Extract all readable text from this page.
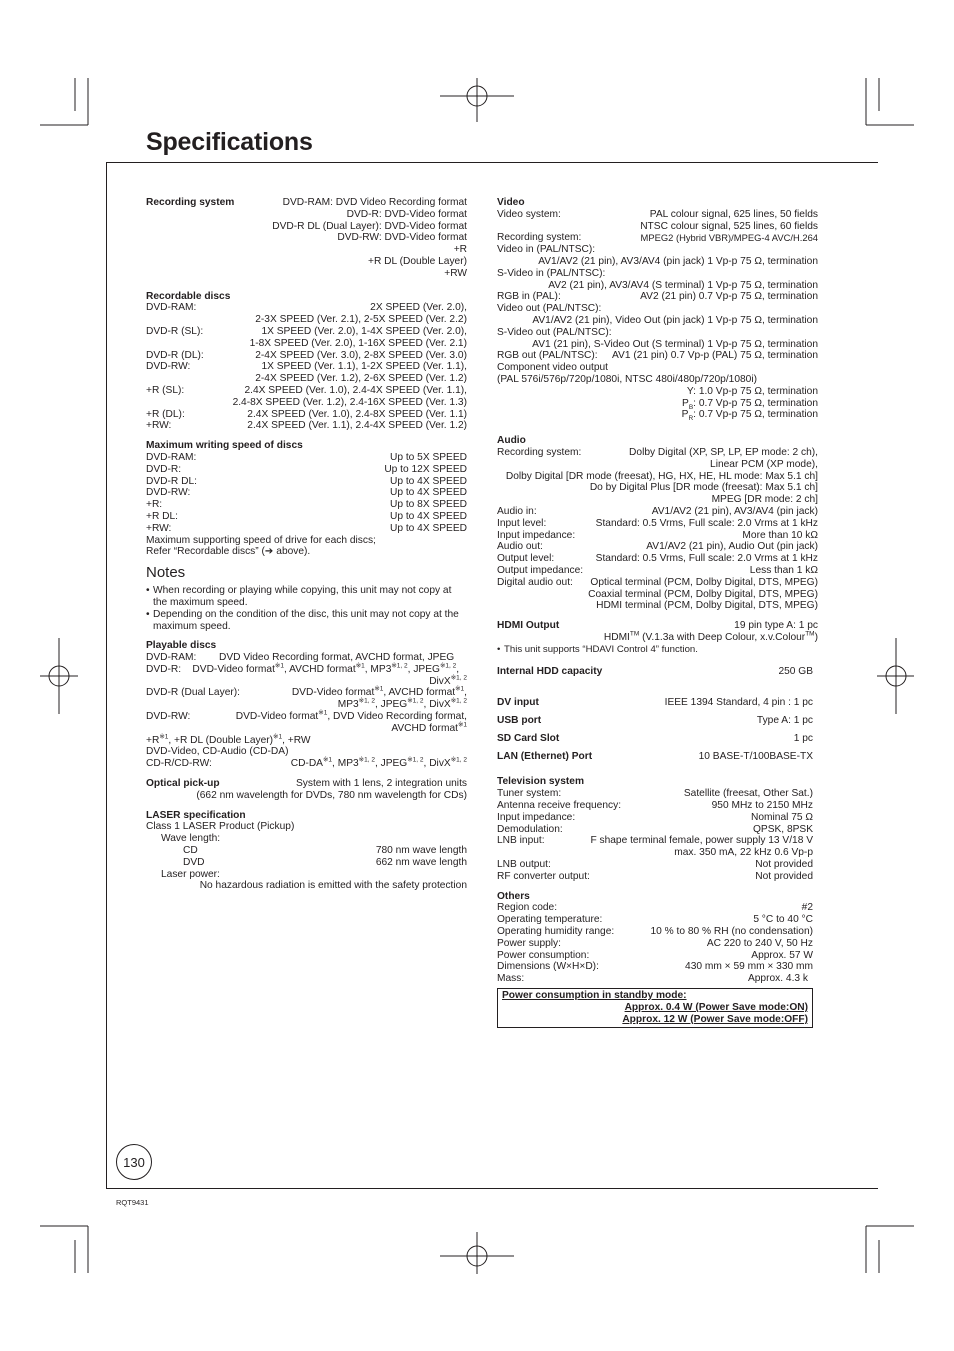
Specifications
Recording system	DVD-RAM: DVD Video Recording format
DVD-R: DVD-Video format
DVD-R DL (Dual Layer): DVD-Video format
DVD-RW: DVD-Video format
+R
+R DL (Double Layer)
+RW
Recordable discs
DVD-RAM:	2X SPEED (Ver. 2.0),
2-3X SPEED (Ver. 2.1), 2-5X SPEED (Ver. 2.2)
DVD-R (SL):	1X SPEED (Ver. 2.0), 1-4X SPEED (Ver. 2.0),
1-8X SPEED (Ver. 2.0), 1-16X SPEED (Ver. 2.1)
DVD-R (DL):	2-4X SPEED (Ver. 3.0), 2-8X SPEED (Ver. 3.0)
DVD-RW:	1X SPEED (Ver. 1.1), 1-2X SPEED (Ver. 1.1),
2-4X SPEED (Ver. 1.2), 2-6X SPEED (Ver. 1.2)
+R (SL):	2.4X SPEED (Ver. 1.0), 2.4-4X SPEED (Ver. 1.1),
2.4-8X SPEED (Ver. 1.2), 2.4-16X SPEED (Ver. 1.3)
+R (DL):	2.4X SPEED (Ver. 1.0), 2.4-8X SPEED (Ver. 1.1)
+RW:	2.4X SPEED (Ver. 1.1), 2.4-4X SPEED (Ver. 1.2)
Maximum writing speed of discs
DVD-RAM:	Up to 5X SPEED
DVD-R:	Up to 12X SPEED
DVD-R DL:	Up to 4X SPEED
DVD-RW:	Up to 4X SPEED
+R:	Up to 8X SPEED
+R DL:	Up to 4X SPEED
+RW:	Up to 4X SPEED
Maximum supporting speed of drive for each discs;
Refer “Recordable discs” (➔ above).
Notes
• When recording or playing while copying, this unit may not copy at the maximum speed.
• Depending on the condition of the disc, this unit may not copy at the maximum speed.
Playable discs
DVD-RAM: DVD Video Recording format, AVCHD format, JPEG
DVD-R: DVD-Video format$^{※1}$, AVCHD format$^{※1}$, MP3$^{※1, 2}$, JPEG$^{※1, 2}$,
DivX$^{※1, 2}$
DVD-R (Dual Layer):	DVD-Video format$^{※1}$, AVCHD format$^{※1}$,
MP3$^{※1, 2}$, JPEG$^{※1, 2}$, DivX$^{※1, 2}$
DVD-RW:	DVD-Video format$^{※1}$, DVD Video Recording format,
AVCHD format$^{※1}$
$+R^{※1}$, +R DL (Double Layer)$^{※1}$, +RW
DVD-Video, CD-Audio (CD-DA)
CD-R/CD-RW:	CD-DA$^{※1}$, MP3$^{※1, 2}$, JPEG$^{※1, 2}$, DivX$^{※1, 2}$
Optical pick-up	System with 1 lens, 2 integration units
(662 nm wavelength for DVDs, 780 nm wavelength for CDs)
LASER specification
Class 1 LASER Product (Pickup)
Wave length:
CD	780 nm wave length
DVD	662 nm wave length
Laser power:
No hazardous radiation is emitted with the safety protection
Video
Video system:	PAL colour signal, 625 lines, 50 fields
NTSC colour signal, 525 lines, 60 fields
Recording system:	MPEG2 (Hybrid VBR)/MPEG-4 AVC/H.264
Video in (PAL/NTSC):
AV1/AV2 (21 pin), AV3/AV4 (pin jack) 1 Vp-p 75 Ω, termination
S-Video in (PAL/NTSC):
AV2 (21 pin), AV3/AV4 (S terminal) 1 Vp-p 75 Ω, termination
RGB in (PAL):	AV2 (21 pin) 0.7 Vp-p 75 Ω, termination
Video out (PAL/NTSC):
AV1/AV2 (21 pin), Video Out (pin jack) 1 Vp-p 75 Ω, termination
S-Video out (PAL/NTSC):
AV1 (21 pin), S-Video Out (S terminal) 1 Vp-p 75 Ω, termination
RGB out (PAL/NTSC):	AV1 (21 pin) 0.7 Vp-p (PAL) 75 Ω, termination
Component video output
(PAL 576i/576p/720p/1080i, NTSC 480i/480p/720p/1080i)
Y: 1.0 Vp-p 75 Ω, termination
$P_B$: 0.7 Vp-p 75 Ω, termination
$P_R$: 0.7 Vp-p 75 Ω, termination
Audio
Recording system:	Dolby Digital (XP, SP, LP, EP mode: 2 ch),
Linear PCM (XP mode),
Dolby Digital [DR mode (freesat), HG, HX, HE, HL mode: Max 5.1 ch]
Do by Digital Plus [DR mode (freesat): Max 5.1 ch]
MPEG [DR mode: 2 ch]
Audio in:	AV1/AV2 (21 pin), AV3/AV4 (pin jack)
Input level:	Standard: 0.5 Vrms, Full scale: 2.0 Vrms at 1 kHz
Input impedance:	More than 10 kΩ
Audio out:	AV1/AV2 (21 pin), Audio Out (pin jack)
Output level:	Standard: 0.5 Vrms, Full scale: 2.0 Vrms at 1 kHz
Output impedance:	Less than 1 kΩ
Digital audio out:	Optical terminal (PCM, Dolby Digital, DTS, MPEG)
Coaxial terminal (PCM, Dolby Digital, DTS, MPEG)
HDMI terminal (PCM, Dolby Digital, DTS, MPEG)
HDMI Output	19 pin type A: 1 pc
HDMI™ (V.1.3a with Deep Colour, x.v.Colour™)
• This unit supports “HDAVI Control 4” function.
Internal HDD capacity	250 GB
DV input	IEEE 1394 Standard, 4 pin : 1 pc
USB port	Type A: 1 pc
SD Card Slot	1 pc
LAN (Ethernet) Port	10 BASE-T/100BASE-TX
Television system
Tuner system:	Satellite (freesat, Other Sat.)
Antenna receive frequency:	950 MHz to 2150 MHz
Input impedance:	Nominal 75 Ω
Demodulation:	QPSK, 8PSK
LNB input:	F shape terminal female, power supply 13 V/18 V
max. 350 mA, 22 kHz 0.6 Vp-p
LNB output:	Not provided
RF converter output:	Not provided
Others
Region code:	#2
Operating temperature:	5 °C to 40 °C
Operating humidity range:	10 % to 80 % RH (no condensation)
Power supply:	AC 220 to 240 V, 50 Hz
Power consumption:	Approx. 57 W
Dimensions (W×H×D):	430 mm × 59 mm × 330 mm
Mass:	Approx. 4.3 k
Power consumption in standby mode:
Approx. 0.4 W (Power Save mode:ON)
Approx. 12 W (Power Save mode:OFF)
130
RQT9431
